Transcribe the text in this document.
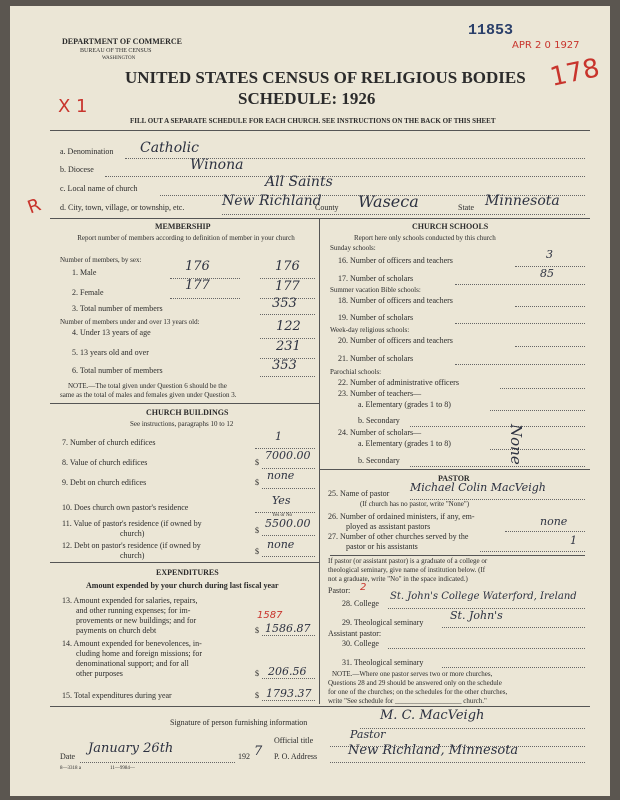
DEPARTMENT OF COMMERCE
BUREAU OF THE CENSUS
WASHINGTON
11853
APR 2 0 1927
178
X 1
R
UNITED STATES CENSUS OF RELIGIOUS BODIES
SCHEDULE: 1926
FILL OUT A SEPARATE SCHEDULE FOR EACH CHURCH. SEE INSTRUCTIONS ON THE BACK OF THIS SHEET
a. Denomination Catholic
b. Diocese	Winona
c. Local name of church	All Saints
d. City, town, village, or township, etc.	New Richland
County Waseca	State Minnesota
MEMBERSHIP
Report number of members according to definition of member in your church
Number of members, by sex:
1. Male	176	176
2. Female	177	177
3. Total number of members	353
Number of members under and over 13 years old:
4. Under 13 years of age	122
5. 13 years old and over	231
6. Total number of members	353
NOTE.—The total given under Question 6 should be the
same as the total of males and females given under Question 3.
CHURCH BUILDINGS
See instructions, paragraphs 10 to 12
7. Number of church edifices	1
8. Value of church edifices	$
7000.00
9. Debt on church edifices	$
none
10. Does church own pastor's residence
Yes
Yes or No
11. Value of pastor's residence (if owned by
church)	$
5500.00
12. Debt on pastor's residence (if owned by
church)	$
none
EXPENDITURES
Amount expended by your church during last fiscal year
13. Amount expended for salaries, repairs,
and other running expenses; for im-
provements or new buildings; and for
payments on church debt
1587
$ 1586.87
14. Amount expended for benevolences, in-
cluding home and foreign missions; for
denominational support; and for all
other purposes	$ 206.56
15. Total expenditures during year	$ 1793.37
CHURCH SCHOOLS
Report here only schools conducted by this church
Sunday schools:
16. Number of officers and teachers	3
17. Number of scholars	85
Summer vacation Bible schools:
18. Number of officers and teachers
19. Number of scholars
Week-day religious schools:
20. Number of officers and teachers
21. Number of scholars
Parochial schools:
22. Number of administrative officers
23. Number of teachers—
a. Elementary (grades 1 to 8)
b. Secondary
24. Number of scholars—
a. Elementary (grades 1 to 8)
b. Secondary	None
PASTOR
25. Name of pastor Michael Colin MacVeigh
(If church has no pastor, write "None")
26. Number of ordained ministers, if any, em-
ployed as assistant pastors	none
27. Number of other churches served by the
pastor or his assistants	1
If pastor (or assistant pastor) is a graduate of a college or
theological seminary, give name of institution below. (If
not a graduate, write "No" in the space indicated.)
Pastor: 2
28. College
St. John's College Waterford, Ireland
29. Theological seminary
St. John's
Assistant pastor:
30. College
31. Theological seminary
NOTE.—Where one pastor serves two or more churches,
Questions 28 and 29 should be answered only on the schedule
for one of the churches; on the schedules for the other churches,
write "See schedule for ___________________ church."
Signature of person furnishing information	M. C. MacVeigh
Official title	Pastor
Date
January 26th
192 7 P. O. Address New Richland, Minnesota
8—3318 a	11—9984—
